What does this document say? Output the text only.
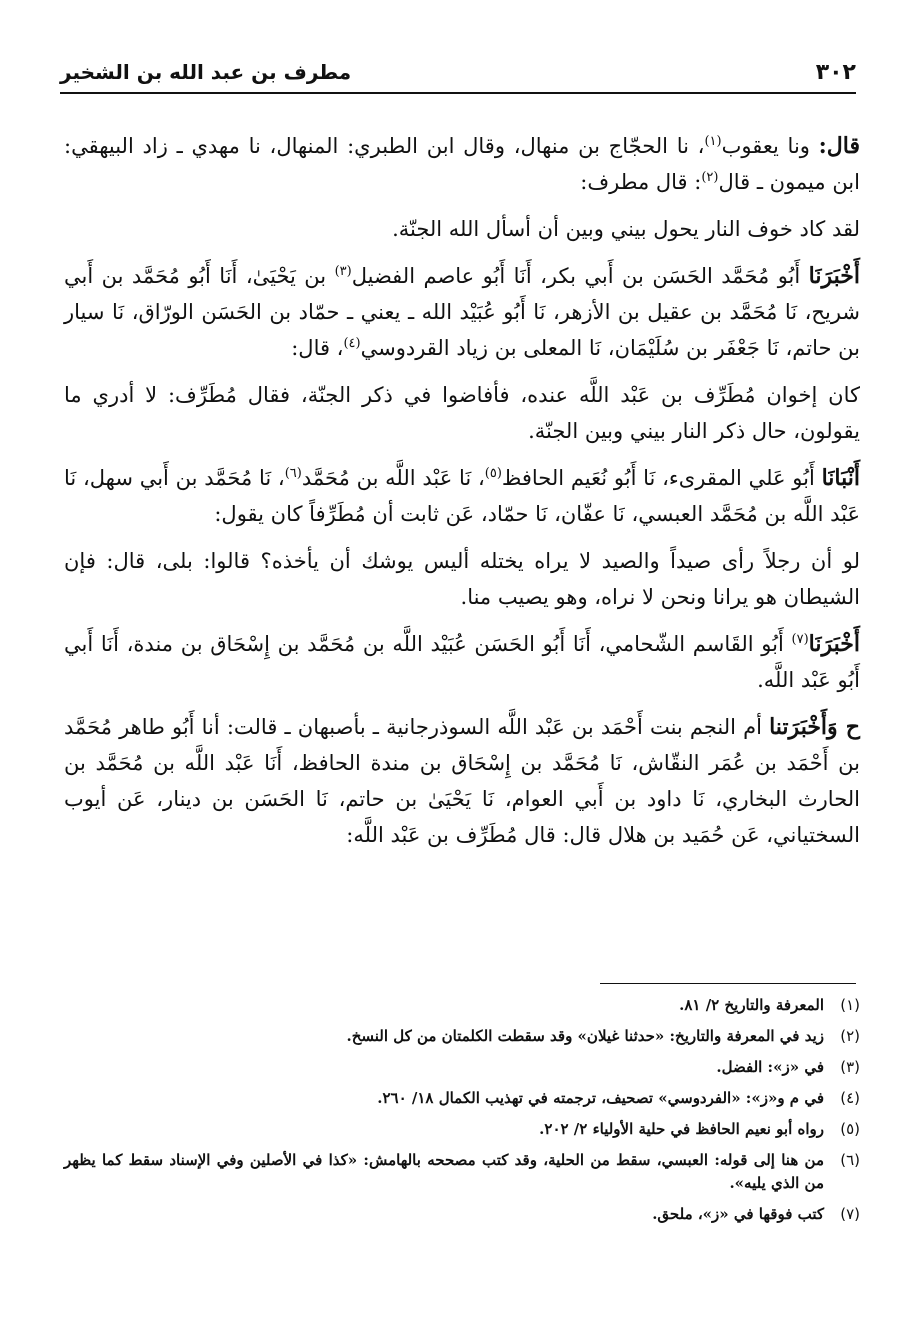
٣٠٢
مطرف بن عبد الله بن الشخير

قال: ونا يعقوب$^{(١)}$، نا الحجّاج بن منهال، وقال ابن الطبري: المنهال، نا مهدي ـ زاد البيهقي: ابن ميمون ـ قال$^{(٢)}$: قال مطرف:

لقد كاد خوف النار يحول بيني وبين أن أسأل الله الجنّة.

أَخْبَرَنَا أَبُو مُحَمَّد الحَسَن بن أَبي بكر، أَنَا أَبُو عاصم الفضيل$^{(٣)}$ بن يَحْيَىٰ، أَنَا أَبُو مُحَمَّد بن أَبي شريح، نَا مُحَمَّد بن عقيل بن الأزهر، نَا أَبُو عُبَيْد الله ـ يعني ـ حمّاد بن الحَسَن الورّاق، نَا سيار بن حاتم، نَا جَعْفَر بن سُلَيْمَان، نَا المعلى بن زياد القردوسي$^{(٤)}$، قال:

كان إخوان مُطَرِّف بن عَبْد اللَّه عنده، فأفاضوا في ذكر الجنّة، فقال مُطَرِّف: لا أدري ما يقولون، حال ذكر النار بيني وبين الجنّة.

أَنْبَانَا أَبُو عَلي المقرىء، نَا أَبُو نُعَيم الحافظ$^{(٥)}$، نَا عَبْد اللَّه بن مُحَمَّد$^{(٦)}$، نَا مُحَمَّد بن أَبي سهل، نَا عَبْد اللَّه بن مُحَمَّد العبسي، نَا عفّان، نَا حمّاد، عَن ثابت أن مُطَرِّفاً كان يقول:

لو أن رجلاً رأى صيداً والصيد لا يراه يختله أليس يوشك أن يأخذه؟ قالوا: بلى، قال: فإن الشيطان هو يرانا ونحن لا نراه، وهو يصيب منا.

أَخْبَرَنَا$^{(٧)}$ أَبُو القَاسم الشّحامي، أَنَا أَبُو الحَسَن عُبَيْد اللَّه بن مُحَمَّد بن إِسْحَاق بن مندة، أَنَا أَبي أَبُو عَبْد اللَّه.

ح وَأَخْبَرَتنا أم النجم بنت أَحْمَد بن عَبْد اللَّه السوذرجانية ـ بأصبهان ـ قالت: أنا أَبُو طاهر مُحَمَّد بن أَحْمَد بن عُمَر النقّاش، نَا مُحَمَّد بن إِسْحَاق بن مندة الحافظ، أَنَا عَبْد اللَّه بن مُحَمَّد بن الحارث البخاري، نَا داود بن أَبي العوام، نَا يَحْيَىٰ بن حاتم، نَا الحَسَن بن دينار، عَن أيوب السختياني، عَن حُمَيد بن هلال قال: قال مُطَرِّف بن عَبْد اللَّه:

(١)
المعرفة والتاريخ ٢/ ٨١.
(٢)
زيد في المعرفة والتاريخ: «حدثنا غيلان» وقد سقطت الكلمتان من كل النسخ.
(٣)
في «ز»: الفضل.
(٤)
في م و«ز»: «الفردوسي» تصحيف، ترجمته في تهذيب الكمال ١٨/ ٢٦٠.
(٥)
رواه أبو نعيم الحافظ في حلية الأولياء ٢/ ٢٠٢.
(٦)
من هنا إلى قوله: العبسي، سقط من الحلية، وقد كتب مصححه بالهامش: «كذا في الأصلين وفي الإسناد سقط كما يظهر من الذي يليه».
(٧)
كتب فوقها في «ز»، ملحق.
